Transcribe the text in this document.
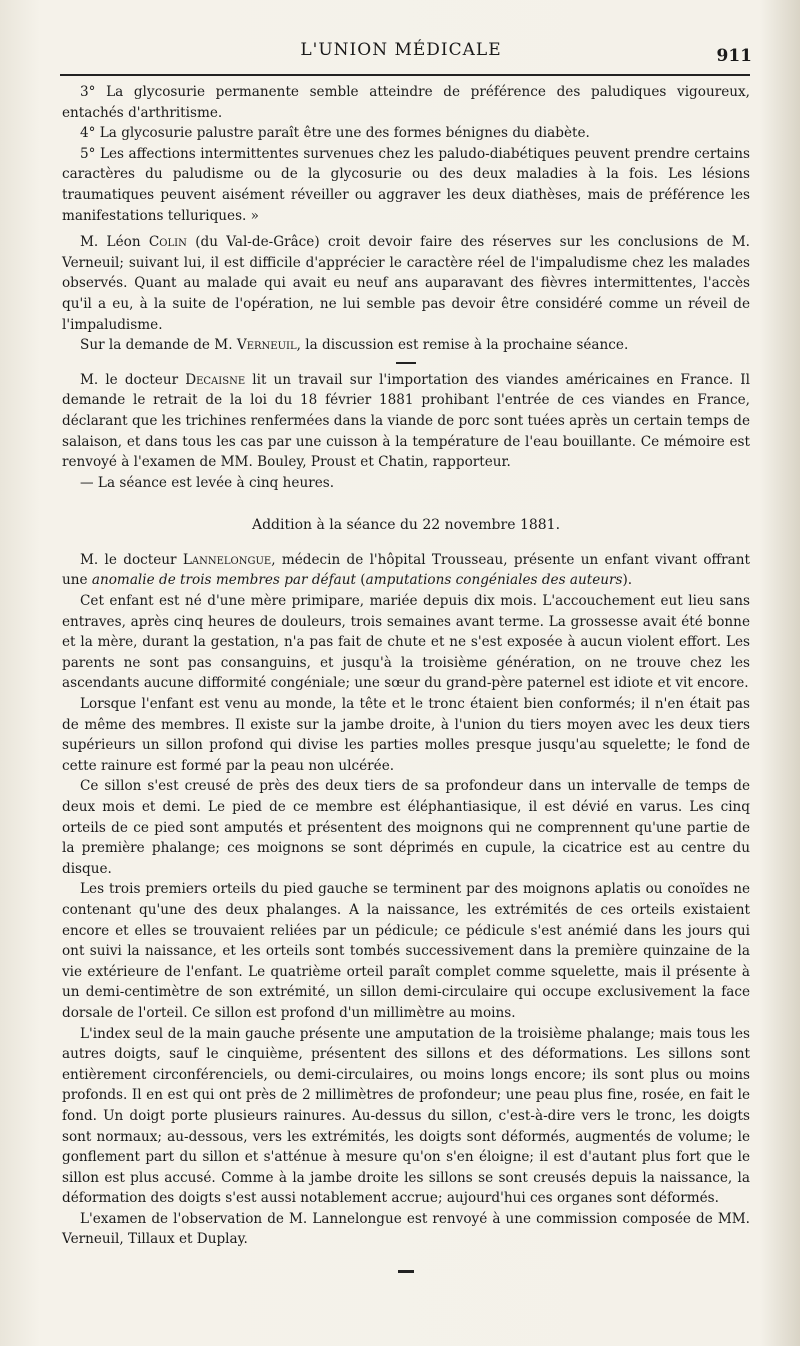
L'UNION MÉDICALE	911

3° La glycosurie permanente semble atteindre de préférence des paludiques vigoureux, entachés d'arthritisme.

4° La glycosurie palustre paraît être une des formes bénignes du diabète.

5° Les affections intermittentes survenues chez les paludo-diabétiques peuvent prendre certains caractères du paludisme ou de la glycosurie ou des deux maladies à la fois. Les lésions traumatiques peuvent aisément réveiller ou aggraver les deux diathèses, mais de préférence les manifestations telluriques. »

M. Léon Colin (du Val-de-Grâce) croit devoir faire des réserves sur les conclusions de M. Verneuil; suivant lui, il est difficile d'apprécier le caractère réel de l'impaludisme chez les malades observés. Quant au malade qui avait eu neuf ans auparavant des fièvres intermittentes, l'accès qu'il a eu, à la suite de l'opération, ne lui semble pas devoir être considéré comme un réveil de l'impaludisme.

Sur la demande de M. Verneuil, la discussion est remise à la prochaine séance.

M. le docteur Decaisne lit un travail sur l'importation des viandes américaines en France. Il demande le retrait de la loi du 18 février 1881 prohibant l'entrée de ces viandes en France, déclarant que les trichines renfermées dans la viande de porc sont tuées après un certain temps de salaison, et dans tous les cas par une cuisson à la température de l'eau bouillante. Ce mémoire est renvoyé à l'examen de MM. Bouley, Proust et Chatin, rapporteur.

— La séance est levée à cinq heures.

Addition à la séance du 22 novembre 1881.

M. le docteur Lannelongue, médecin de l'hôpital Trousseau, présente un enfant vivant offrant une anomalie de trois membres par défaut (amputations congéniales des auteurs).

Cet enfant est né d'une mère primipare, mariée depuis dix mois. L'accouchement eut lieu sans entraves, après cinq heures de douleurs, trois semaines avant terme. La grossesse avait été bonne et la mère, durant la gestation, n'a pas fait de chute et ne s'est exposée à aucun violent effort. Les parents ne sont pas consanguins, et jusqu'à la troisième génération, on ne trouve chez les ascendants aucune difformité congéniale; une sœur du grand-père paternel est idiote et vit encore.

Lorsque l'enfant est venu au monde, la tête et le tronc étaient bien conformés; il n'en était pas de même des membres. Il existe sur la jambe droite, à l'union du tiers moyen avec les deux tiers supérieurs un sillon profond qui divise les parties molles presque jusqu'au squelette; le fond de cette rainure est formé par la peau non ulcérée.

Ce sillon s'est creusé de près des deux tiers de sa profondeur dans un intervalle de temps de deux mois et demi. Le pied de ce membre est éléphantiasique, il est dévié en varus. Les cinq orteils de ce pied sont amputés et présentent des moignons qui ne comprennent qu'une partie de la première phalange; ces moignons se sont déprimés en cupule, la cicatrice est au centre du disque.

Les trois premiers orteils du pied gauche se terminent par des moignons aplatis ou conoïdes ne contenant qu'une des deux phalanges. A la naissance, les extrémités de ces orteils existaient encore et elles se trouvaient reliées par un pédicule; ce pédicule s'est anémié dans les jours qui ont suivi la naissance, et les orteils sont tombés successivement dans la première quinzaine de la vie extérieure de l'enfant. Le quatrième orteil paraît complet comme squelette, mais il présente à un demi-centimètre de son extrémité, un sillon demi-circulaire qui occupe exclusivement la face dorsale de l'orteil. Ce sillon est profond d'un millimètre au moins.

L'index seul de la main gauche présente une amputation de la troisième phalange; mais tous les autres doigts, sauf le cinquième, présentent des sillons et des déformations. Les sillons sont entièrement circonférenciels, ou demi-circulaires, ou moins longs encore; ils sont plus ou moins profonds. Il en est qui ont près de 2 millimètres de profondeur; une peau plus fine, rosée, en fait le fond. Un doigt porte plusieurs rainures. Au-dessus du sillon, c'est-à-dire vers le tronc, les doigts sont normaux; au-dessous, vers les extrémités, les doigts sont déformés, augmentés de volume; le gonflement part du sillon et s'atténue à mesure qu'on s'en éloigne; il est d'autant plus fort que le sillon est plus accusé. Comme à la jambe droite les sillons se sont creusés depuis la naissance, la déformation des doigts s'est aussi notablement accrue; aujourd'hui ces organes sont déformés.

L'examen de l'observation de M. Lannelongue est renvoyé à une commission composée de MM. Verneuil, Tillaux et Duplay.
